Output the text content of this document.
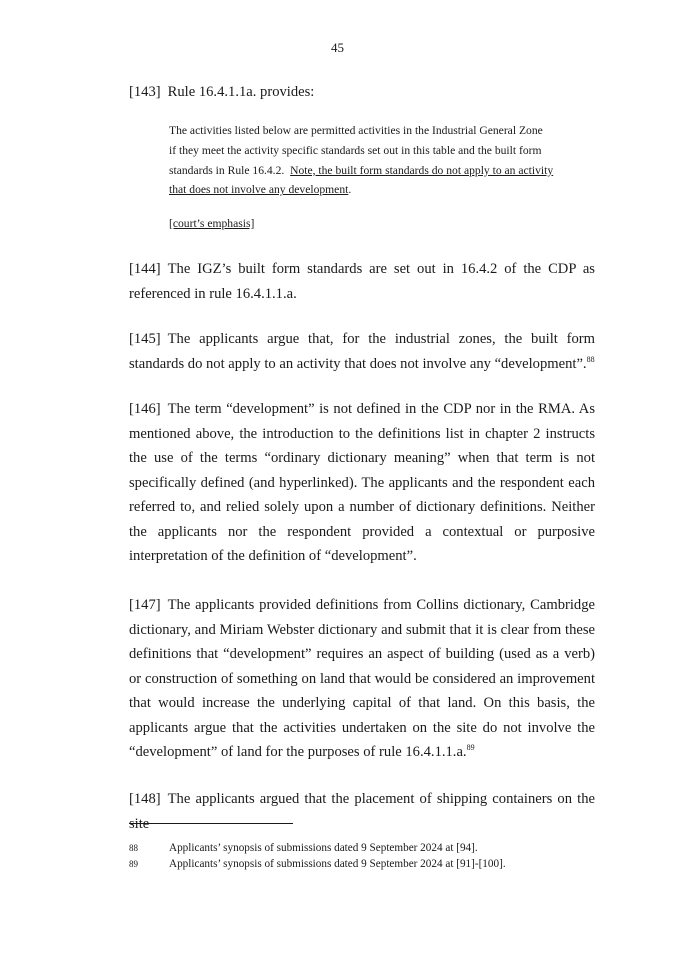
45

[143] Rule 16.4.1.1a. provides:

The activities listed below are permitted activities in the Industrial General Zone
if they meet the activity specific standards set out in this table and the built form
standards in Rule 16.4.2.  Note, the built form standards do not apply to an activity
that does not involve any development.

[court’s emphasis]

[144] The IGZ’s built form standards are set out in 16.4.2 of the CDP as referenced in rule 16.4.1.1.a.

[145] The applicants argue that, for the industrial zones, the built form standards do not apply to an activity that does not involve any “development”.$^{88}$

[146] The term “development” is not defined in the CDP nor in the RMA. As mentioned above, the introduction to the definitions list in chapter 2 instructs the use of the terms “ordinary dictionary meaning” when that term is not specifically defined (and hyperlinked). The applicants and the respondent each referred to, and relied solely upon a number of dictionary definitions. Neither the applicants nor the respondent provided a contextual or purposive interpretation of the definition of “development”.

[147] The applicants provided definitions from Collins dictionary, Cambridge dictionary, and Miriam Webster dictionary and submit that it is clear from these definitions that “development” requires an aspect of building (used as a verb) or construction of something on land that would be considered an improvement that would increase the underlying capital of that land. On this basis, the applicants argue that the activities undertaken on the site do not involve the “development” of land for the purposes of rule 16.4.1.1.a.$^{89}$

[148] The applicants argued that the placement of shipping containers on the site

88	Applicants’ synopsis of submissions dated 9 September 2024 at [94].

89	Applicants’ synopsis of submissions dated 9 September 2024 at [91]-[100].
